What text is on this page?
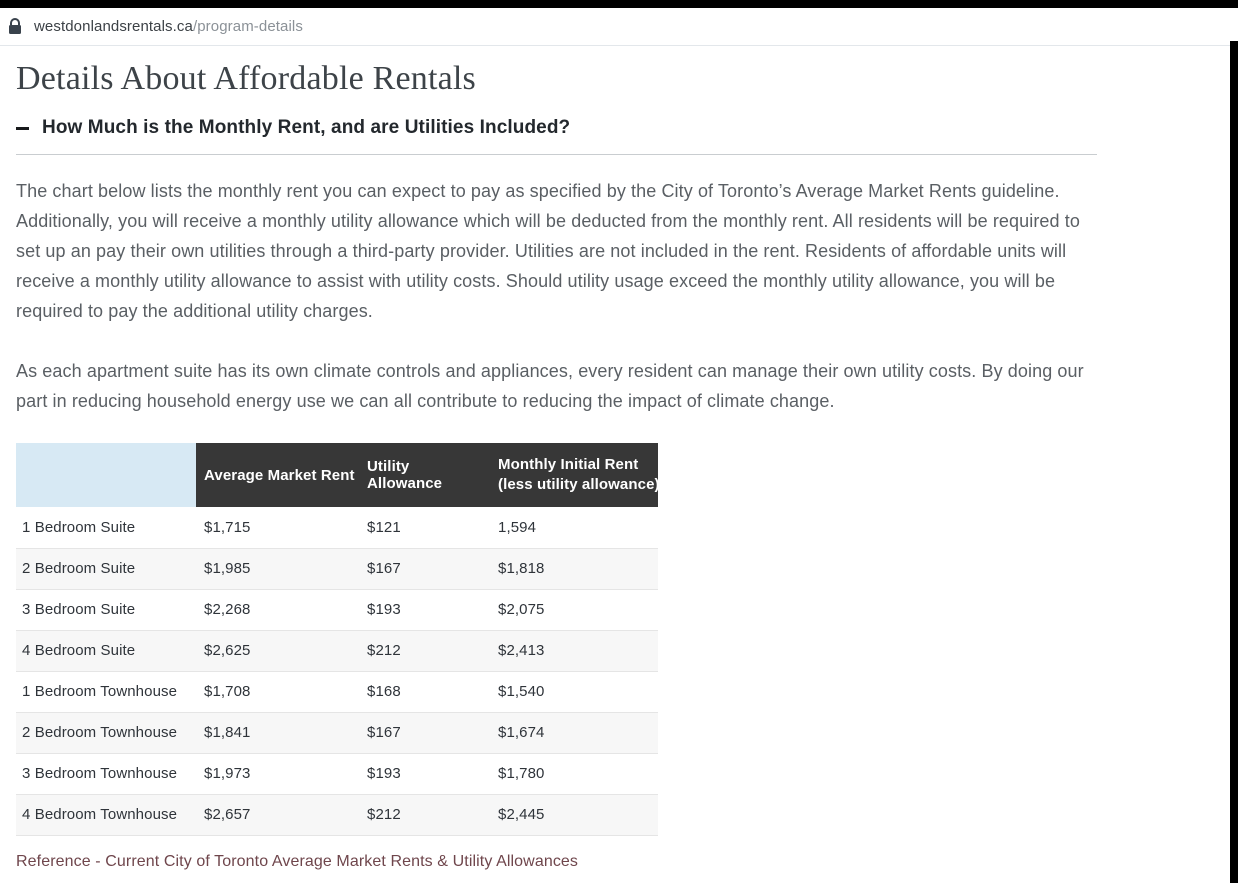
westdonlandsrentals.ca/program-details
Details About Affordable Rentals
How Much is the Monthly Rent, and are Utilities Included?

The chart below lists the monthly rent you can expect to pay as specified by the City of Toronto’s Average Market Rents guideline. Additionally, you will receive a monthly utility allowance which will be deducted from the monthly rent. All residents will be required to set up an pay their own utilities through a third-party provider. Utilities are not included in the rent. Residents of affordable units will receive a monthly utility allowance to assist with utility costs. Should utility usage exceed the monthly utility allowance, you will be required to pay the additional utility charges.

As each apartment suite has its own climate controls and appliances, every resident can manage their own utility costs. By doing our part in reducing household energy use we can all contribute to reducing the impact of climate change.

	Average Market Rent	Utility Allowance	Monthly Initial Rent
(less utility allowance)

1 Bedroom Suite	$1,715	$121	1,594
2 Bedroom Suite	$1,985	$167	$1,818
3 Bedroom Suite	$2,268	$193	$2,075
4 Bedroom Suite	$2,625	$212	$2,413
1 Bedroom Townhouse	$1,708	$168	$1,540
2 Bedroom Townhouse	$1,841	$167	$1,674
3 Bedroom Townhouse	$1,973	$193	$1,780
4 Bedroom Townhouse	$2,657	$212	$2,445
Reference - Current City of Toronto Average Market Rents & Utility Allowances
